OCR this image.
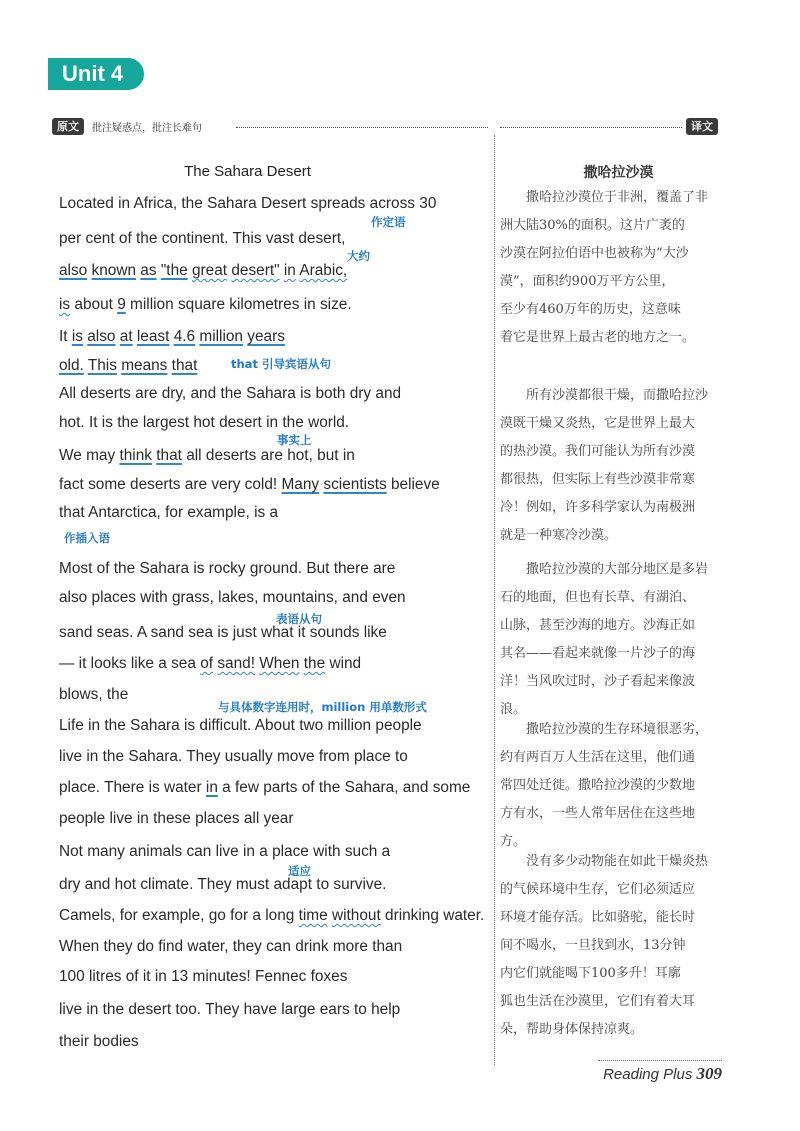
Unit 4
原文	批注疑惑点，批注长难句	译文
The Sahara Desert
Located in Africa, the Sahara Desert spreads across 30
per cent of the continent. This vast desert,
also known as "the great desert" in Arabic,
is about 9 million square kilometres in size.
It is also at least 4.6 million years
old. This means that
All deserts are dry, and the Sahara is both dry and
hot. It is the largest hot desert in the world.
We may think that all deserts are hot, but in
fact some deserts are very cold! Many scientists believe
that Antarctica, for example, is a
Most of the Sahara is rocky ground. But there are
also places with grass, lakes, mountains, and even
sand seas. A sand sea is just what it sounds like
— it looks like a sea of sand! When the wind
blows, the
Life in the Sahara is difficult. About two million people
live in the Sahara. They usually move from place to
place. There is water in a few parts of the Sahara, and some
people live in these places all year
Not many animals can live in a place with such a
dry and hot climate. They must adapt to survive.
Camels, for example, go for a long time without drinking water.
When they do find water, they can drink more than
100 litres of it in 13 minutes! Fennec foxes
live in the desert too. They have large ears to help
their bodies
作定语
大约
that 引导宾语从句
事实上
作插入语
表语从句
与具体数字连用时，million 用单数形式
适应
撒哈拉沙漠
撒哈拉沙漠位于非洲，覆盖了非
洲大陆30%的面积。这片广袤的
沙漠在阿拉伯语中也被称为“大沙
漠”，面积约900万平方公里，
至少有460万年的历史，这意味
着它是世界上最古老的地方之一。
所有沙漠都很干燥，而撒哈拉沙
漠既干燥又炎热，它是世界上最大
的热沙漠。我们可能认为所有沙漠
都很热，但实际上有些沙漠非常寒
冷！例如，许多科学家认为南极洲
就是一种寒冷沙漠。
撒哈拉沙漠的大部分地区是多岩
石的地面，但也有长草、有湖泊、
山脉，甚至沙海的地方。沙海正如
其名——看起来就像一片沙子的海
洋！当风吹过时，沙子看起来像波
浪。
撒哈拉沙漠的生存环境很恶劣，
约有两百万人生活在这里，他们通
常四处迁徙。撒哈拉沙漠的少数地
方有水，一些人常年居住在这些地
方。
没有多少动物能在如此干燥炎热
的气候环境中生存，它们必须适应
环境才能存活。比如骆驼，能长时
间不喝水，一旦找到水，13分钟
内它们就能喝下100多升！耳廓
狐也生活在沙漠里，它们有着大耳
朵，帮助身体保持凉爽。
Reading Plus 309
